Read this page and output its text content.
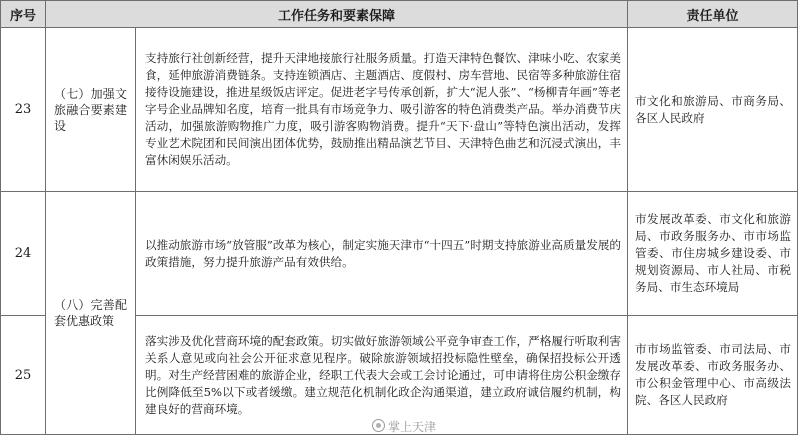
序号	工作任务和要素保障		责任单位
23	（七）加强文旅融合要素建设	支持旅行社创新经营，提升天津地接旅行社服务质量。打造天津特色餐饮、津味小吃、农家美食，延伸旅游消费链条。支持连锁酒店、主题酒店、度假村、房车营地、民宿等多种旅游住宿接待设施建设，推进星级饭店评定。促进老字号传承创新，扩大“泥人张”、“杨柳青年画”等老字号企业品牌知名度，培育一批具有市场竞争力、吸引游客的特色消费类产品。举办消费节庆活动，加强旅游购物推广力度，吸引游客购物消费。提升“天下·盘山”等特色演出活动，发挥专业艺术院团和民间演出团体优势，鼓励推出精品演艺节目、天津特色曲艺和沉浸式演出，丰富休闲娱乐活动。	市文化和旅游局、市商务局、各区人民政府
24	（八）完善配套优惠政策	以推动旅游市场“放管服”改革为核心，制定实施天津市“十四五”时期支持旅游业高质量发展的政策措施，努力提升旅游产品有效供给。	市发展改革委、市文化和旅游局、市政务服务办、市市场监管委、市住房城乡建设委、市规划资源局、市人社局、市税务局、市生态环境局
25		落实涉及优化营商环境的配套政策。切实做好旅游领域公平竞争审查工作，严格履行听取利害关系人意见或向社会公开征求意见程序。破除旅游领域招投标隐性壁垒，确保招投标公开透明。对生产经营困难的旅游企业，经职工代表大会或工会讨论通过，可申请将住房公积金缴存比例降低至5%以下或者缓缴。建立规范化机制化政企沟通渠道，建立政府诚信履约机制，构建良好的营商环境。	市市场监管委、市司法局、市发展改革委、市政务服务办、市公积金管理中心、市高级法院、各区人民政府
掌上天津
